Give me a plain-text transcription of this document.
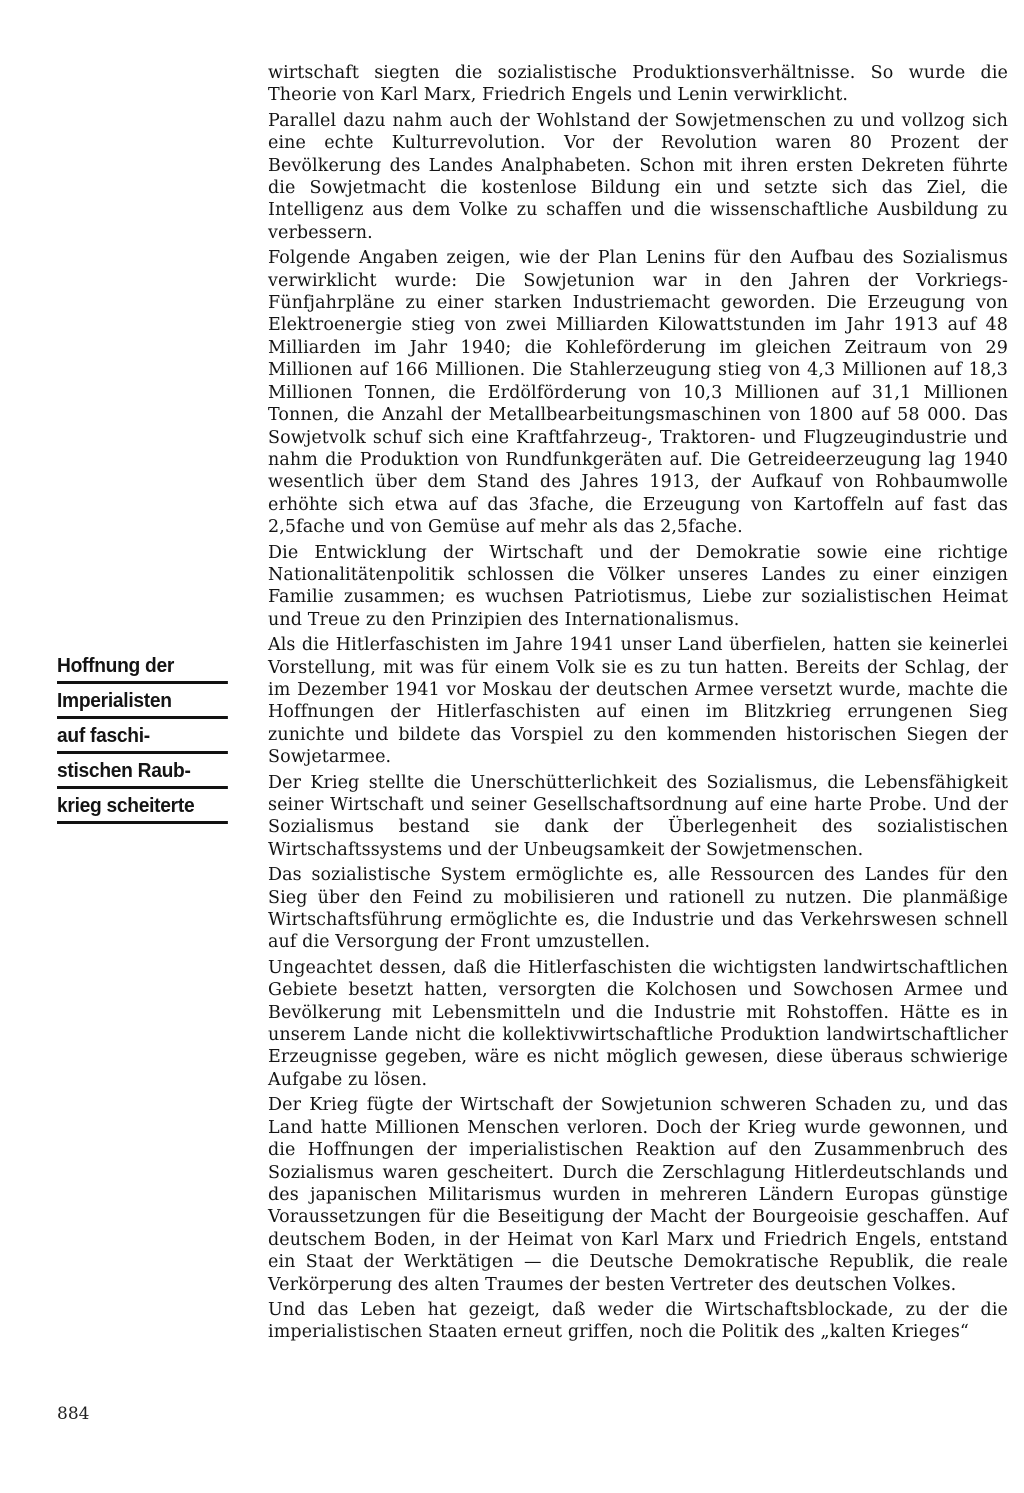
wirtschaft siegten die sozialistische Produktionsverhältnisse. So wurde die Theorie von Karl Marx, Friedrich Engels und Lenin verwirklicht.

Parallel dazu nahm auch der Wohlstand der Sowjetmenschen zu und vollzog sich eine echte Kulturrevolution. Vor der Revolution waren 80 Prozent der Bevölkerung des Landes Analphabeten. Schon mit ihren ersten Dekreten führte die Sowjetmacht die kostenlose Bildung ein und setzte sich das Ziel, die Intelligenz aus dem Volke zu schaffen und die wissenschaftliche Ausbildung zu verbessern.

Folgende Angaben zeigen, wie der Plan Lenins für den Aufbau des Sozialismus verwirklicht wurde: Die Sowjetunion war in den Jahren der Vorkriegs-Fünfjahrpläne zu einer starken Industriemacht geworden. Die Erzeugung von Elektroenergie stieg von zwei Milliarden Kilowattstunden im Jahr 1913 auf 48 Milliarden im Jahr 1940; die Kohleförderung im gleichen Zeitraum von 29 Millionen auf 166 Millionen. Die Stahlerzeugung stieg von 4,3 Millionen auf 18,3 Millionen Tonnen, die Erdölförderung von 10,3 Millionen auf 31,1 Millionen Tonnen, die Anzahl der Metallbearbeitungsmaschinen von 1800 auf 58 000. Das Sowjetvolk schuf sich eine Kraftfahrzeug-, Traktoren- und Flugzeugindustrie und nahm die Produktion von Rundfunkgeräten auf. Die Getreideerzeugung lag 1940 wesentlich über dem Stand des Jahres 1913, der Aufkauf von Rohbaumwolle erhöhte sich etwa auf das 3fache, die Erzeugung von Kartoffeln auf fast das 2,5fache und von Gemüse auf mehr als das 2,5fache.

Die Entwicklung der Wirtschaft und der Demokratie sowie eine richtige Nationalitätenpolitik schlossen die Völker unseres Landes zu einer einzigen Familie zusammen; es wuchsen Patriotismus, Liebe zur sozialistischen Heimat und Treue zu den Prinzipien des Internationalismus.

Als die Hitlerfaschisten im Jahre 1941 unser Land überfielen, hatten sie keinerlei Vorstellung, mit was für einem Volk sie es zu tun hatten. Bereits der Schlag, der im Dezember 1941 vor Moskau der deutschen Armee versetzt wurde, machte die Hoffnungen der Hitlerfaschisten auf einen im Blitzkrieg errungenen Sieg zunichte und bildete das Vorspiel zu den kommenden historischen Siegen der Sowjetarmee.

Der Krieg stellte die Unerschütterlichkeit des Sozialismus, die Lebensfähigkeit seiner Wirtschaft und seiner Gesellschaftsordnung auf eine harte Probe. Und der Sozialismus bestand sie dank der Überlegenheit des sozialistischen Wirtschaftssystems und der Unbeugsamkeit der Sowjetmenschen.

Das sozialistische System ermöglichte es, alle Ressourcen des Landes für den Sieg über den Feind zu mobilisieren und rationell zu nutzen. Die planmäßige Wirtschaftsführung ermöglichte es, die Industrie und das Verkehrswesen schnell auf die Versorgung der Front umzustellen.

Ungeachtet dessen, daß die Hitlerfaschisten die wichtigsten landwirtschaftlichen Gebiete besetzt hatten, versorgten die Kolchosen und Sowchosen Armee und Bevölkerung mit Lebensmitteln und die Industrie mit Rohstoffen. Hätte es in unserem Lande nicht die kollektivwirtschaftliche Produktion landwirtschaftlicher Erzeugnisse gegeben, wäre es nicht möglich gewesen, diese überaus schwierige Aufgabe zu lösen.

Der Krieg fügte der Wirtschaft der Sowjetunion schweren Schaden zu, und das Land hatte Millionen Menschen verloren. Doch der Krieg wurde gewonnen, und die Hoffnungen der imperialistischen Reaktion auf den Zusammenbruch des Sozialismus waren gescheitert. Durch die Zerschlagung Hitlerdeutschlands und des japanischen Militarismus wurden in mehreren Ländern Europas günstige Voraussetzungen für die Beseitigung der Macht der Bourgeoisie geschaffen. Auf deutschem Boden, in der Heimat von Karl Marx und Friedrich Engels, entstand ein Staat der Werktätigen — die Deutsche Demokratische Republik, die reale Verkörperung des alten Traumes der besten Vertreter des deutschen Volkes.

Und das Leben hat gezeigt, daß weder die Wirtschaftsblockade, zu der die imperialistischen Staaten erneut griffen, noch die Politik des „kalten Krieges“

Hoffnung der
Imperialisten
auf faschi-
stischen Raub-
krieg scheiterte
884
